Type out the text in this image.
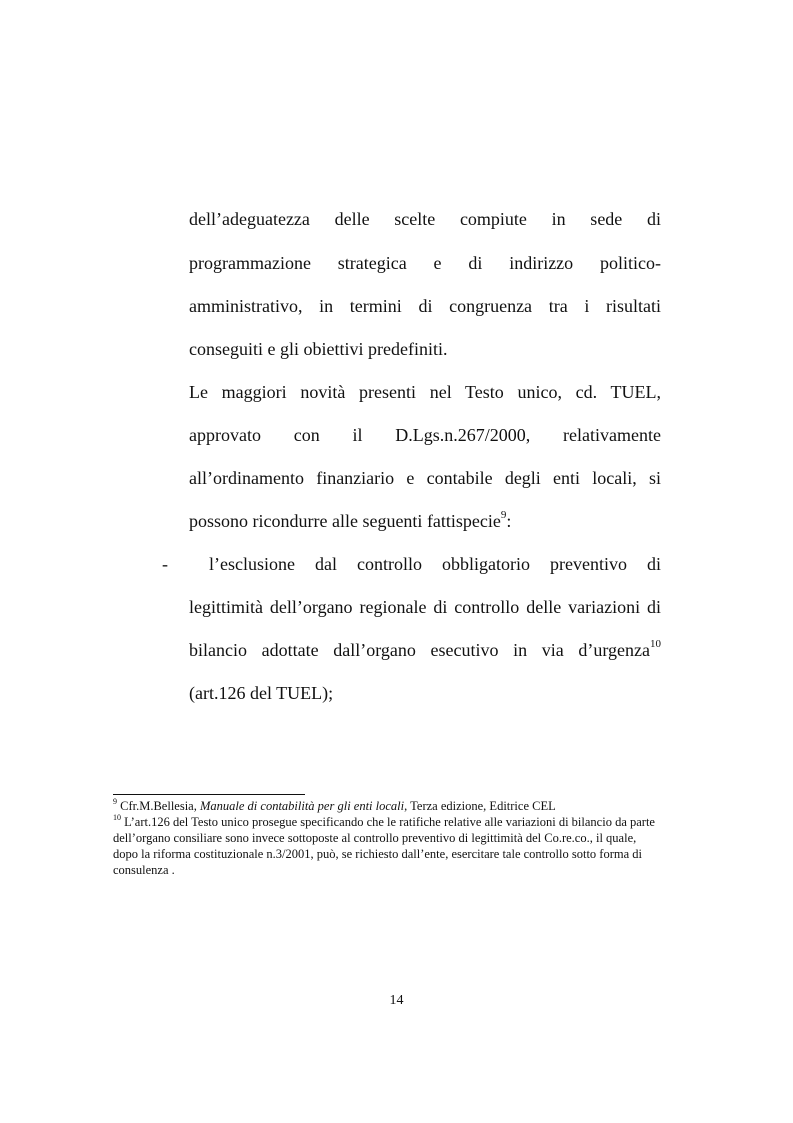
dell’adeguatezza delle scelte compiute in sede di
programmazione strategica e di indirizzo politico-
amministrativo, in termini di congruenza tra i risultati
conseguiti e gli obiettivi predefiniti.
Le maggiori novità presenti nel Testo unico, cd. TUEL,
approvato con il D.Lgs.n.267/2000, relativamente
all’ordinamento finanziario e contabile degli enti locali, si
possono ricondurre alle seguenti fattispecie$^9$:
- l’esclusione dal controllo obbligatorio preventivo di
legittimità dell’organo regionale di controllo delle variazioni di
bilancio adottate dall’organo esecutivo in via d’urgenza$^{10}$
(art.126 del TUEL);
$^9$ Cfr.M.Bellesia, Manuale di contabilità per gli enti locali, Terza edizione, Editrice CEL
$^{10}$ L’art.126 del Testo unico prosegue specificando che le ratifiche relative alle variazioni di bilancio da parte
dell’organo consiliare sono invece sottoposte al controllo preventivo di legittimità del Co.re.co., il quale,
dopo la riforma costituzionale n.3/2001, può, se richiesto dall’ente, esercitare tale controllo sotto forma di
consulenza .
14
